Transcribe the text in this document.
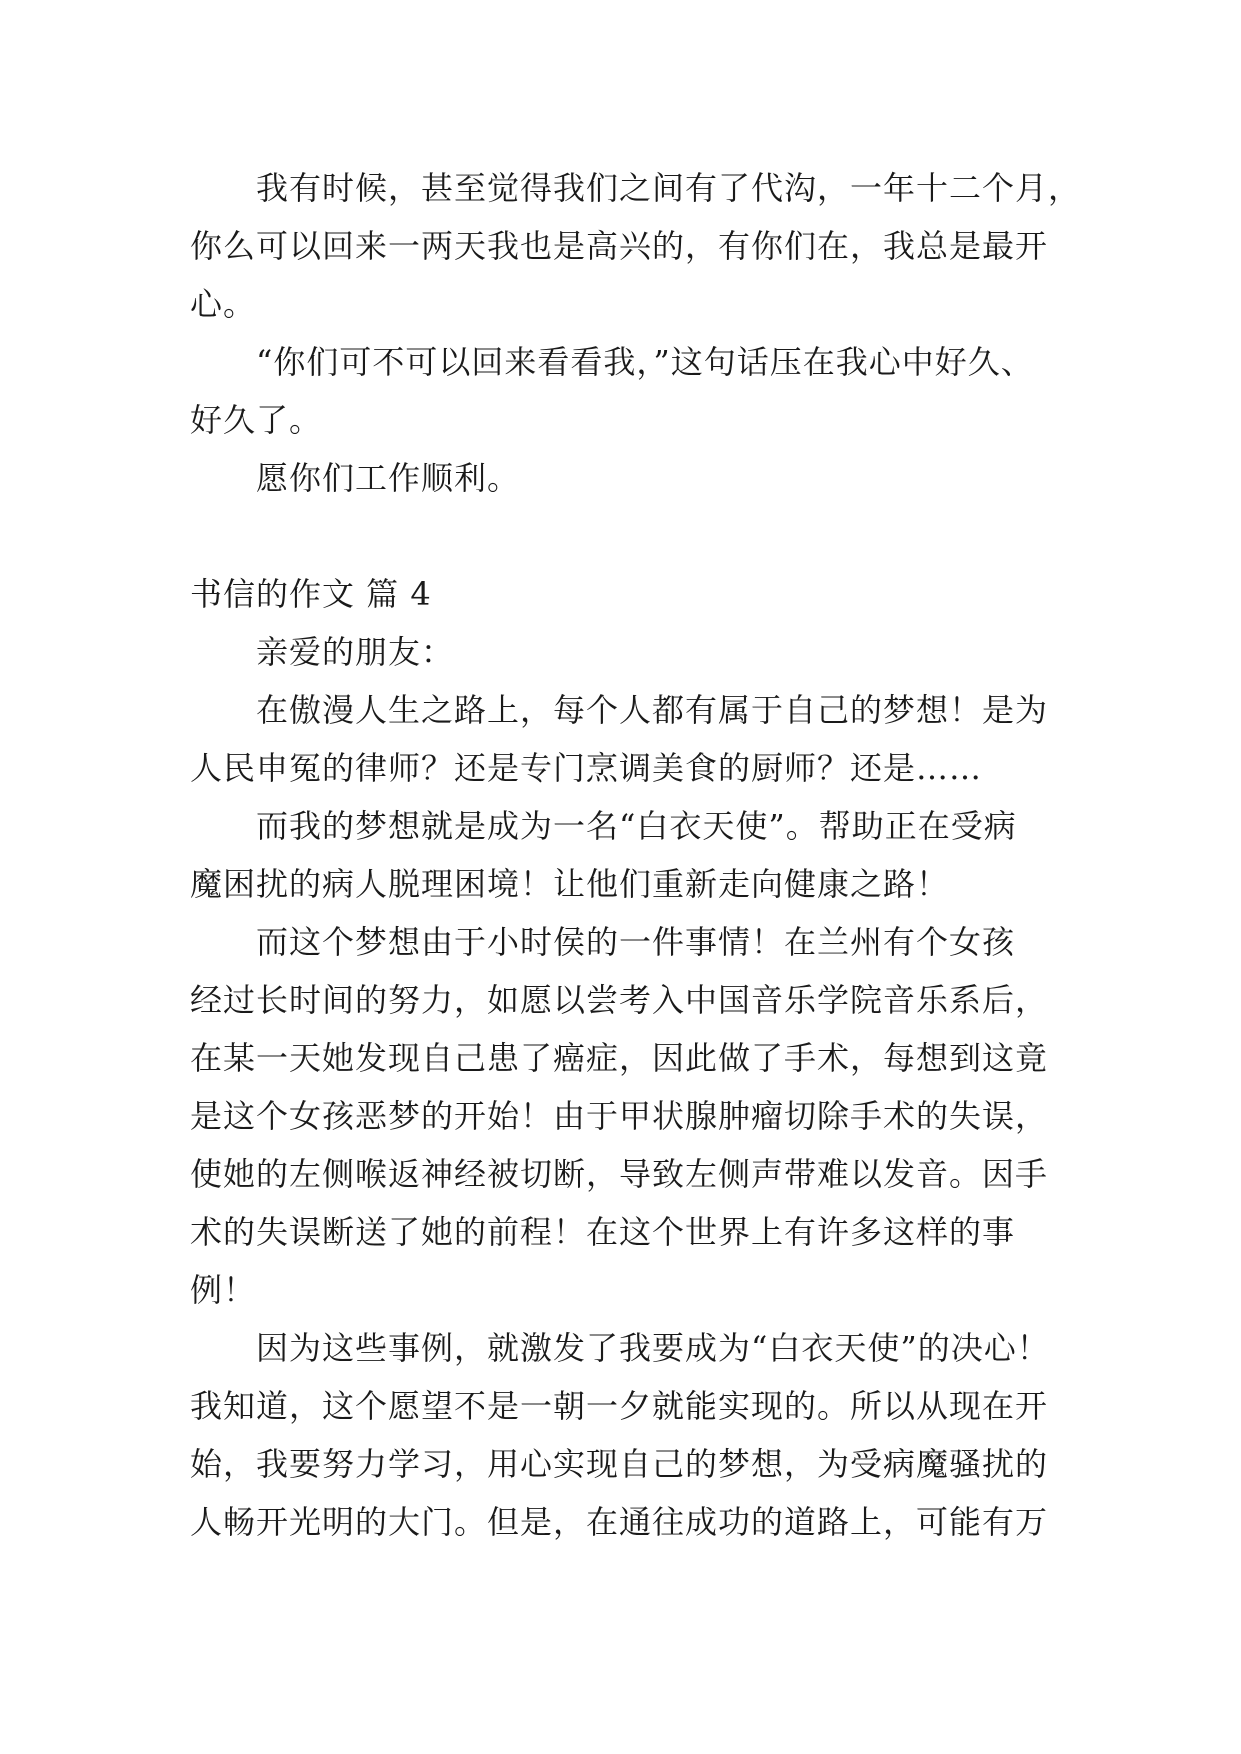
我有时候，甚至觉得我们之间有了代沟，一年十二个月，
你么可以回来一两天我也是高兴的，有你们在，我总是最开
心。
“你们可不可以回来看看我，”这句话压在我心中好久、
好久了。
愿你们工作顺利。
书信的作文 篇 4
亲爱的朋友：
在傲漫人生之路上，每个人都有属于自己的梦想！是为
人民申冤的律师？还是专门烹调美食的厨师？还是……
而我的梦想就是成为一名“白衣天使”。帮助正在受病
魔困扰的病人脱理困境！让他们重新走向健康之路！
而这个梦想由于小时侯的一件事情！在兰州有个女孩
经过长时间的努力，如愿以尝考入中国音乐学院音乐系后，
在某一天她发现自己患了癌症，因此做了手术，每想到这竟
是这个女孩恶梦的开始！由于甲状腺肿瘤切除手术的失误，
使她的左侧喉返神经被切断，导致左侧声带难以发音。因手
术的失误断送了她的前程！在这个世界上有许多这样的事
例！
因为这些事例，就激发了我要成为“白衣天使”的决心！
我知道，这个愿望不是一朝一夕就能实现的。所以从现在开
始，我要努力学习，用心实现自己的梦想，为受病魔骚扰的
人畅开光明的大门。但是，在通往成功的道路上，可能有万
